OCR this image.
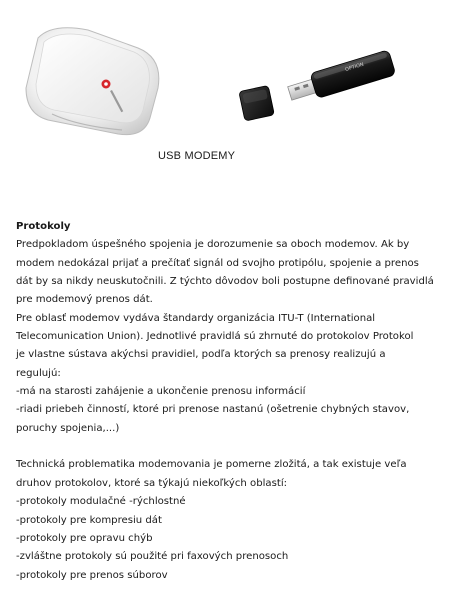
OPTION
USB MODEMY
Protokoly
Predpokladom úspešného spojenia je dorozumenie sa oboch modemov. Ak by
modem nedokázal prijať a prečítať signál od svojho protipólu, spojenie a prenos
dát by sa nikdy neuskutočnili. Z týchto dôvodov boli postupne definované pravidlá
pre modemový prenos dát.
Pre oblasť modemov vydáva štandardy organizácia ITU-T (International
Telecomunication Union). Jednotlivé pravidlá sú zhrnuté do protokolov Protokol
je vlastne sústava akýchsi pravidiel, podľa ktorých sa prenosy realizujú a
regulujú:
-má na starosti zahájenie a ukončenie prenosu informácií
-riadi priebeh činností, ktoré pri prenose nastanú (ošetrenie chybných stavov,
poruchy spojenia,...)
Technická problematika modemovania je pomerne zložitá, a tak existuje veľa
druhov protokolov, ktoré sa týkajú niekoľkých oblastí:
-protokoly modulačné -rýchlostné
-protokoly pre kompresiu dát
-protokoly pre opravu chýb
-zvláštne protokoly sú použité pri faxových prenosoch
-protokoly pre prenos súborov
